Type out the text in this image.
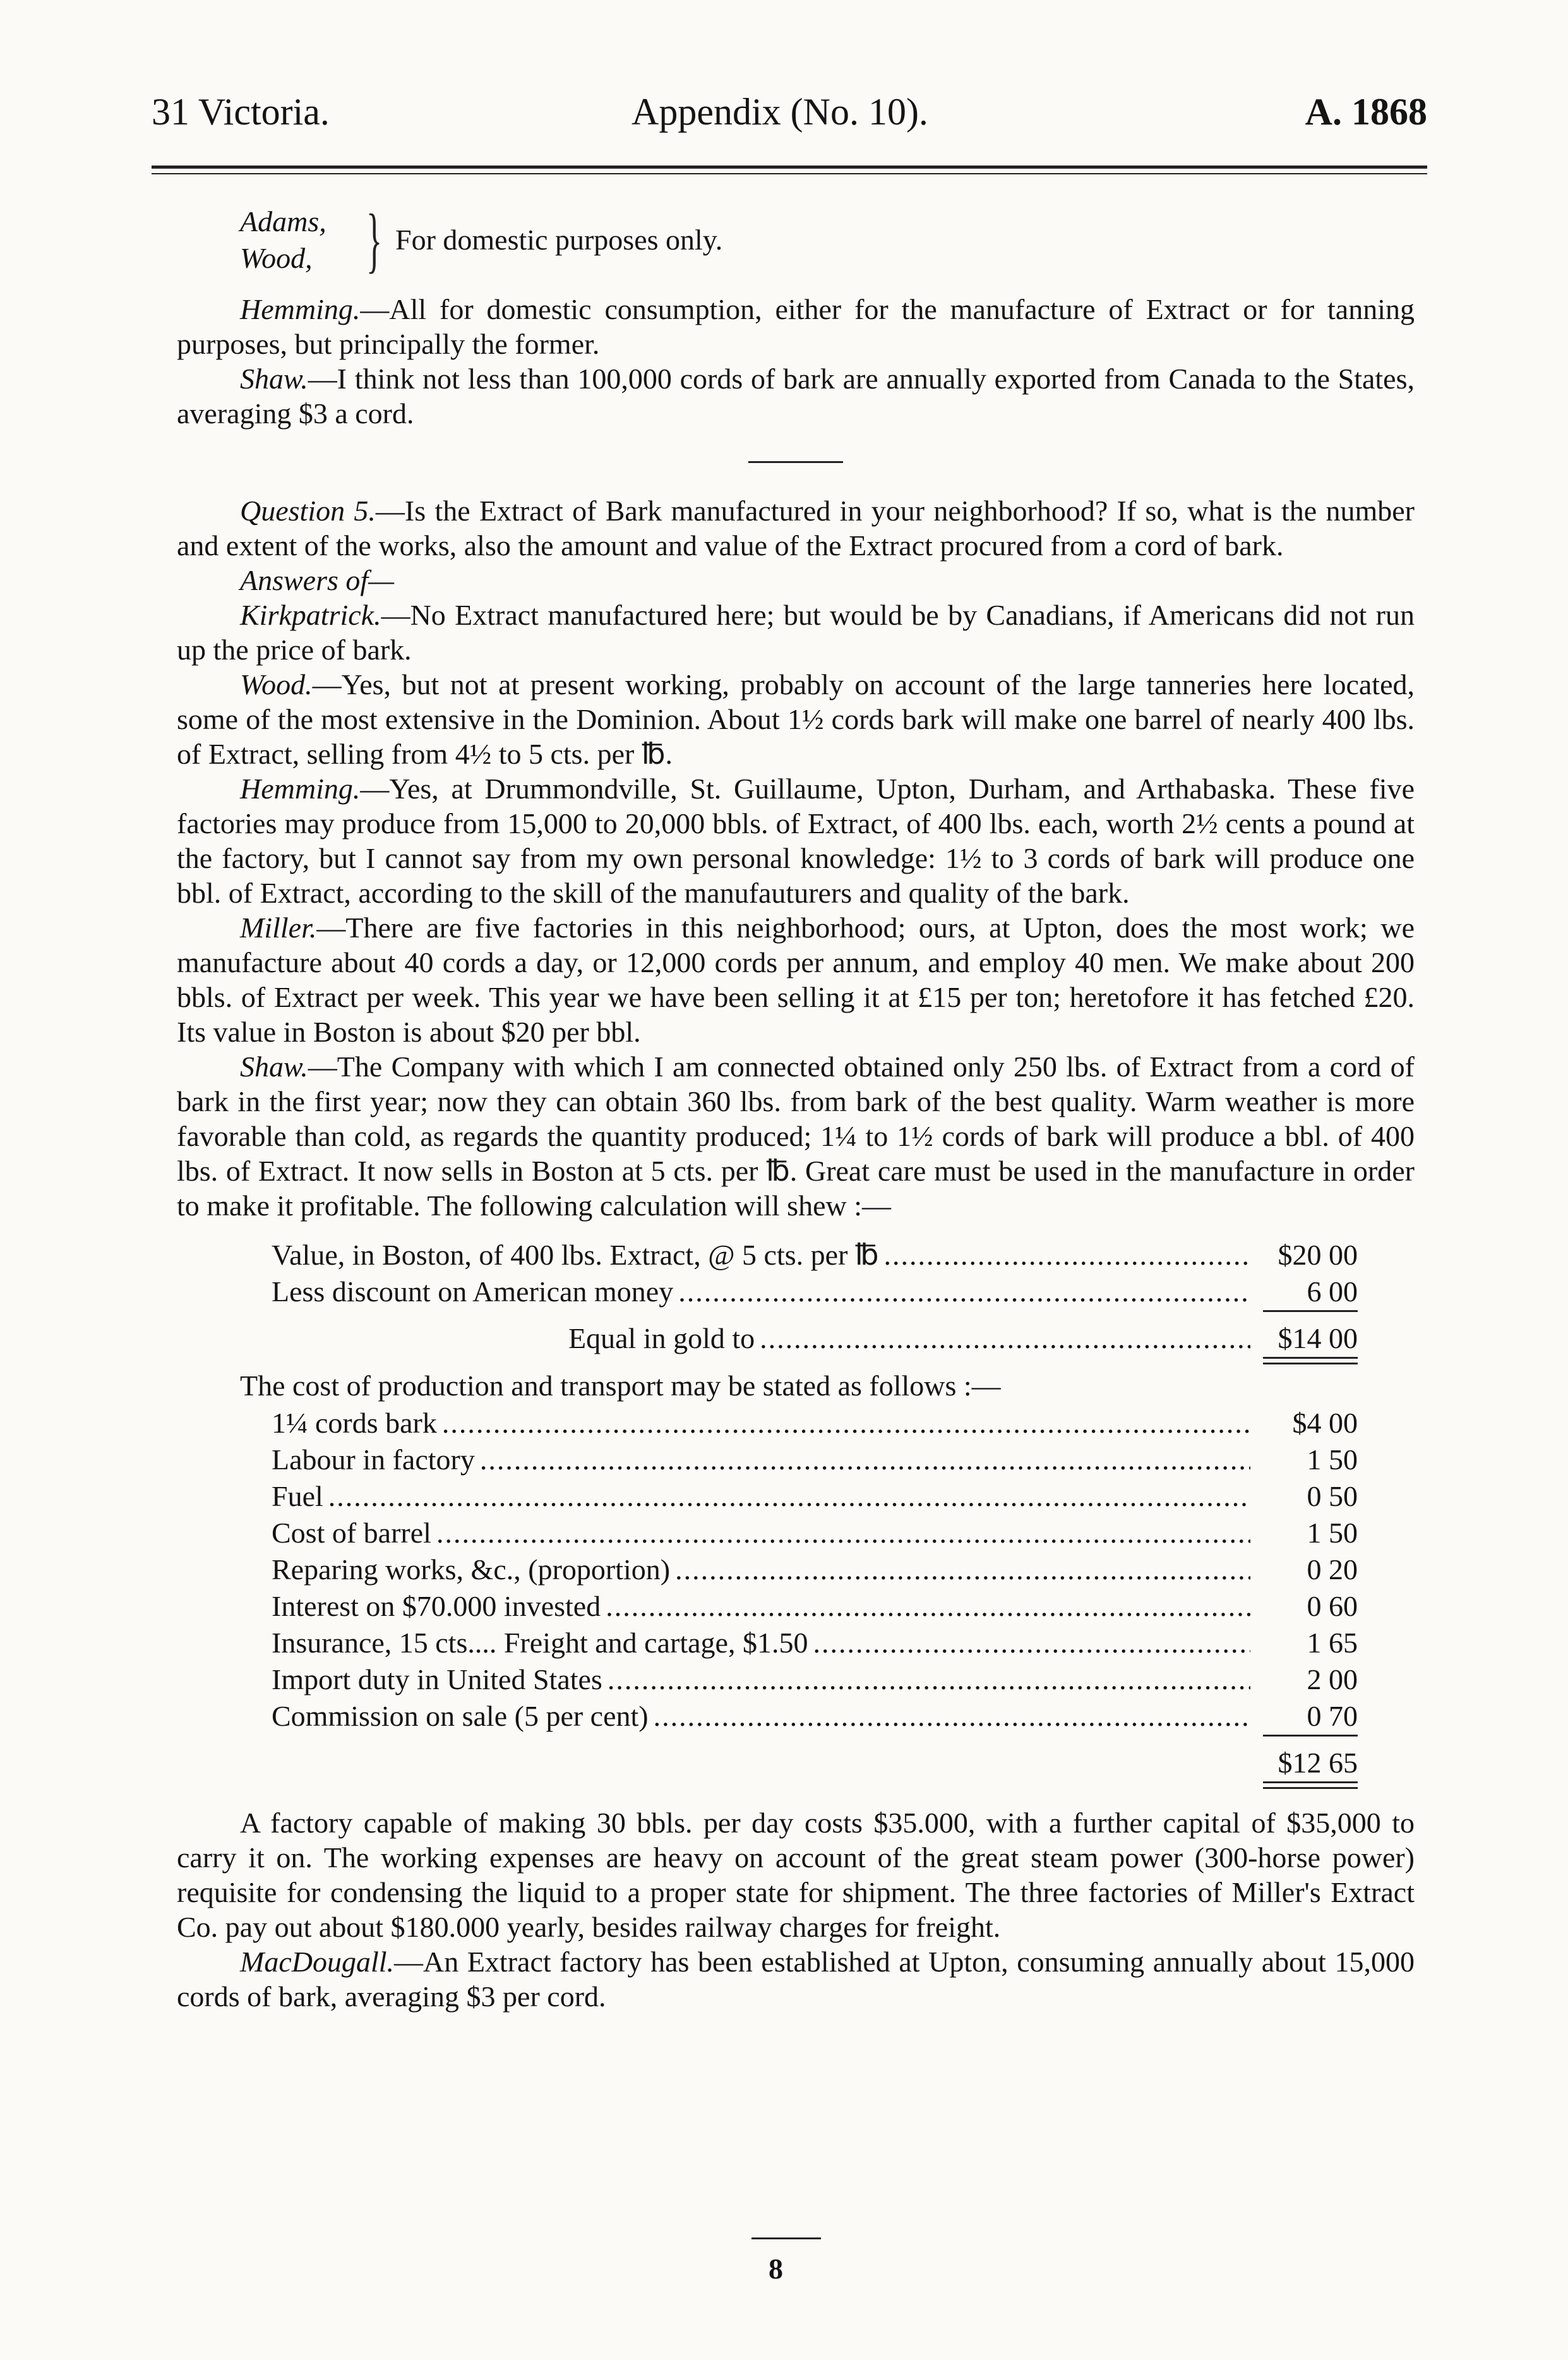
31 Victoria.	Appendix (No. 10).	A. 1868
Adams,
Wood, } For domestic purposes only.

Hemming.—All for domestic consumption, either for the manufacture of Extract or for tanning purposes, but principally the former.

Shaw.—I think not less than 100,000 cords of bark are annually exported from Canada to the States, averaging $3 a cord.

Question 5.—Is the Extract of Bark manufactured in your neighborhood? If so, what is the number and extent of the works, also the amount and value of the Extract procured from a cord of bark.

Answers of—

Kirkpatrick.—No Extract manufactured here; but would be by Canadians, if Americans did not run up the price of bark.

Wood.—Yes, but not at present working, probably on account of the large tanneries here located, some of the most extensive in the Dominion. About 1½ cords bark will make one barrel of nearly 400 lbs. of Extract, selling from 4½ to 5 cts. per ℔.

Hemming.—Yes, at Drummondville, St. Guillaume, Upton, Durham, and Arthabaska. These five factories may produce from 15,000 to 20,000 bbls. of Extract, of 400 lbs. each, worth 2½ cents a pound at the factory, but I cannot say from my own personal knowledge: 1½ to 3 cords of bark will produce one bbl. of Extract, according to the skill of the manufauturers and quality of the bark.

Miller.—There are five factories in this neighborhood; ours, at Upton, does the most work; we manufacture about 40 cords a day, or 12,000 cords per annum, and employ 40 men. We make about 200 bbls. of Extract per week. This year we have been selling it at £15 per ton; heretofore it has fetched £20. Its value in Boston is about $20 per bbl.

Shaw.—The Company with which I am connected obtained only 250 lbs. of Extract from a cord of bark in the first year; now they can obtain 360 lbs. from bark of the best quality. Warm weather is more favorable than cold, as regards the quantity produced; 1¼ to 1½ cords of bark will produce a bbl. of 400 lbs. of Extract. It now sells in Boston at 5 cts. per ℔. Great care must be used in the manufacture in order to make it profitable. The following calculation will shew :—

Value, in Boston, of 400 lbs. Extract, @ 5 cts. per ℔ .....	$20 00
Less discount on American money .....	6 00
Equal in gold to .....	$14 00
The cost of production and transport may be stated as follows :—
1¼ cords bark .....	$4 00
Labour in factory .....	1 50
Fuel .....	0 50
Cost of barrel .....	1 50
Reparing works, &c., (proportion) .....	0 20
Interest on $70.000 invested .....	0 60
Insurance, 15 cts.... Freight and cartage, $1.50 .....	1 65
Import duty in United States .....	2 00
Commission on sale (5 per cent) .....	0 70
$12 65

A factory capable of making 30 bbls. per day costs $35.000, with a further capital of $35,000 to carry it on. The working expenses are heavy on account of the great steam power (300-horse power) requisite for condensing the liquid to a proper state for shipment. The three factories of Miller's Extract Co. pay out about $180.000 yearly, besides railway charges for freight.

MacDougall.—An Extract factory has been established at Upton, consuming annually about 15,000 cords of bark, averaging $3 per cord.

8
